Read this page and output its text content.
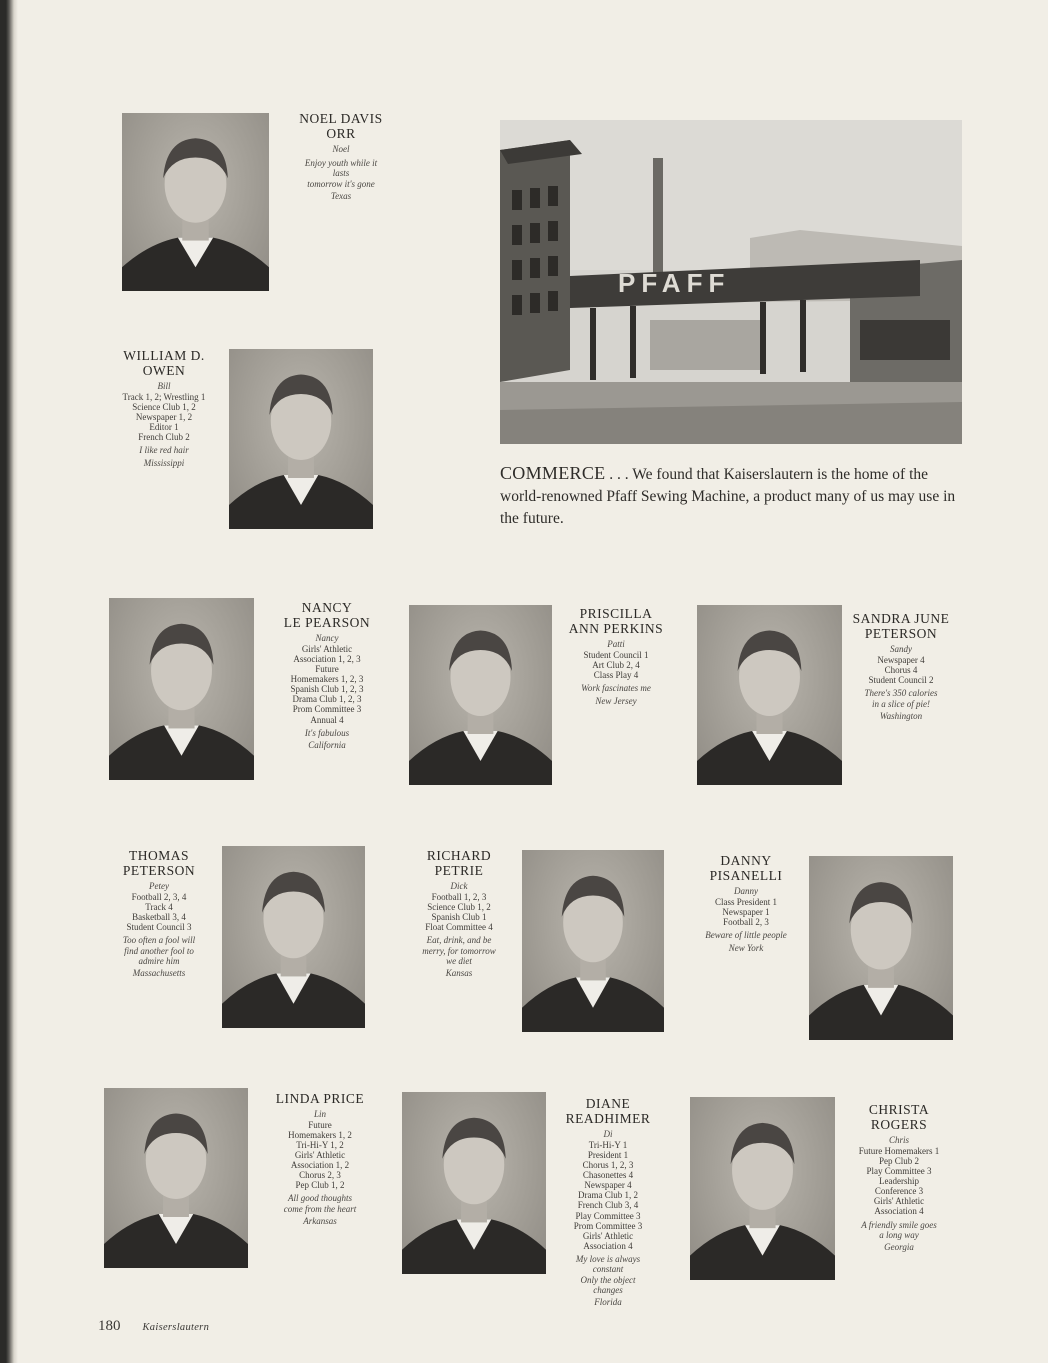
PFAFF
COMMERCE . . . We found that Kaiserslautern is the home of the world-renowned Pfaff Sewing Machine, a product many of us may use in the future.
NOEL DAVIS
ORR
Noel
Enjoy youth while it
lasts
tomorrow it's gone
Texas
WILLIAM D.
OWEN
Bill
Track 1, 2; Wrestling 1
Science Club 1, 2
Newspaper 1, 2
Editor 1
French Club 2
I like red hair
Mississippi
NANCY
LE PEARSON
Nancy
Girls' Athletic
Association 1, 2, 3
Future
Homemakers 1, 2, 3
Spanish Club 1, 2, 3
Drama Club 1, 2, 3
Prom Committee 3
Annual 4
It's fabulous
California
PRISCILLA
ANN PERKINS
Patti
Student Council 1
Art Club 2, 4
Class Play 4
Work fascinates me
New Jersey
SANDRA JUNE
PETERSON
Sandy
Newspaper 4
Chorus 4
Student Council 2
There's 350 calories
in a slice of pie!
Washington
THOMAS
PETERSON
Petey
Football 2, 3, 4
Track 4
Basketball 3, 4
Student Council 3
Too often a fool will
find another fool to
admire him
Massachusetts
RICHARD
PETRIE
Dick
Football 1, 2, 3
Science Club 1, 2
Spanish Club 1
Float Committee 4
Eat, drink, and be
merry, for tomorrow
we diet
Kansas
DANNY
PISANELLI
Danny
Class President 1
Newspaper 1
Football 2, 3
Beware of little people
New York
LINDA PRICE
Lin
Future
Homemakers 1, 2
Tri-Hi-Y 1, 2
Girls' Athletic
Association 1, 2
Chorus 2, 3
Pep Club 1, 2
All good thoughts
come from the heart
Arkansas
DIANE
READHIMER
Di
Tri-Hi-Y 1
President 1
Chorus 1, 2, 3
Chasonettes 4
Newspaper 4
Drama Club 1, 2
French Club 3, 4
Play Committee 3
Prom Committee 3
Girls' Athletic
Association 4
My love is always
constant
Only the object
changes
Florida
CHRISTA
ROGERS
Chris
Future Homemakers 1
Pep Club 2
Play Committee 3
Leadership
Conference 3
Girls' Athletic
Association 4
A friendly smile goes
a long way
Georgia
180 Kaiserslautern
